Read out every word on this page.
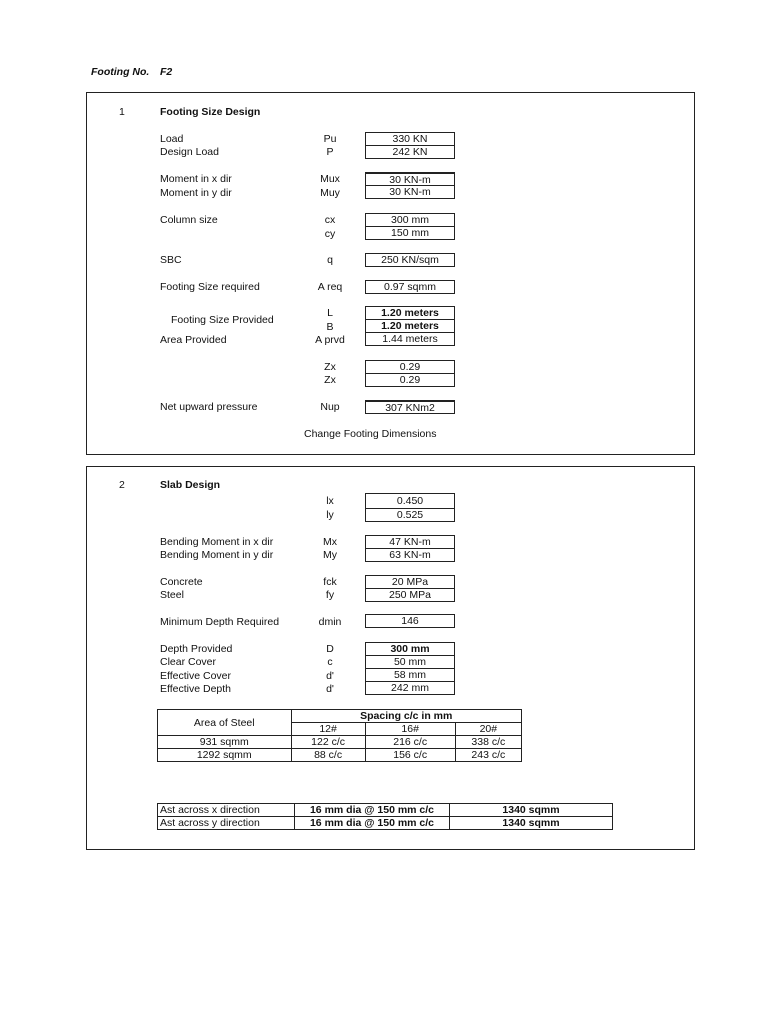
Footing No. F2
1	Footing Size Design
Load	Pu	330 KN
Design Load	P	242 KN
Moment in x dir	Mux	30 KN-m
Moment in y dir	Muy	30 KN-m
Column size	cx	300 mm
cy	150 mm
SBC	q	250 KN/sqm
Footing Size required	A req	0.97 sqmm
Footing Size Provided
L	1.20 meters
B	1.20 meters
Area Provided	A prvd	1.44 meters
Zx	0.29
Zx	0.29
Net upward pressure	Nup	307 KNm2
Change Footing Dimensions
2	Slab Design
lx	0.450
ly	0.525
Bending Moment in x dir	Mx	47 KN-m
Bending Moment in y dir	My	63 KN-m
Concrete	fck	20 MPa
Steel	fy	250 MPa
Minimum Depth Required	dmin	146
Depth Provided	D	300 mm
Clear Cover	c	50 mm
Effective Cover	d'	58 mm
Effective Depth	d'	242 mm
Area of Steel	Spacing c/c in mm		
	12#	16#	20#
931 sqmm	122 c/c	216 c/c	338 c/c
1292 sqmm	88 c/c	156 c/c	243 c/c
Ast across x direction	16 mm dia @ 150 mm c/c	1340 sqmm
Ast across y direction	16 mm dia @ 150 mm c/c	1340 sqmm
